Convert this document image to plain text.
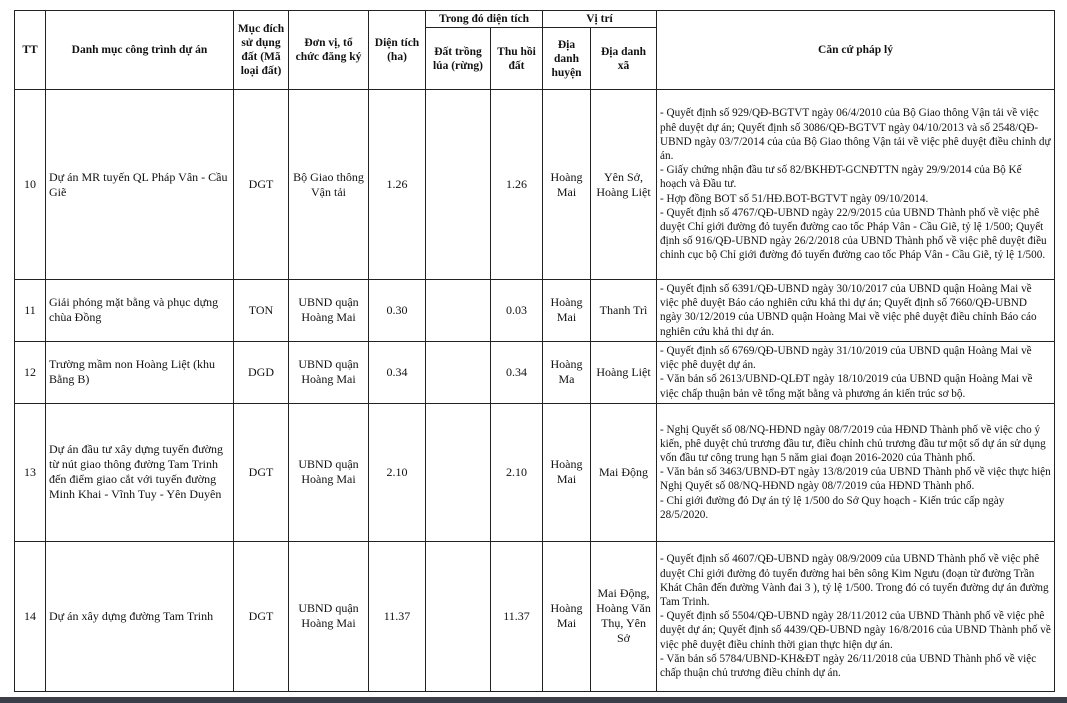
TT	Danh mục công trình dự án	Mục đích sử dụng đất (Mã loại đất)	Đơn vị, tổ chức đăng ký	Diện tích (ha)	Trong đó diện tích		Vị trí		Căn cứ pháp lý
					Đất trồng lúa (rừng)	Thu hồi đất	Địa danh huyện	Địa danh xã	
10	Dự án MR tuyến QL Pháp Vân - Cầu Giẽ	DGT	Bộ Giao thông Vận tải	1.26		1.26	Hoàng Mai	Yên Sở, Hoàng Liệt	- Quyết định số 929/QĐ-BGTVT ngày 06/4/2010 của Bộ Giao thông Vận tải về việc phê duyệt dự án; Quyết định số 3086/QĐ-BGTVT ngày 04/10/2013 và số 2548/QĐ-UBND ngày 03/7/2014 của của Bộ Giao thông Vận tải về việc phê duyệt điều chỉnh dự án.
- Giấy chứng nhận đầu tư số 82/BKHĐT-GCNĐTTN ngày 29/9/2014 của Bộ Kế hoạch và Đầu tư.
- Hợp đồng BOT số 51/HĐ.BOT-BGTVT ngày 09/10/2014.
- Quyết định số 4767/QĐ-UBND ngày 22/9/2015 của UBND Thành phố về việc phê duyệt Chỉ giới đường đỏ tuyến đường cao tốc Pháp Vân - Cầu Giẽ, tỷ lệ 1/500; Quyết định số 916/QĐ-UBND ngày 26/2/2018 của UBND Thành phố về việc phê duyệt điều chỉnh cục bộ Chỉ giới đường đỏ tuyến đường cao tốc Pháp Vân - Cầu Giẽ, tỷ lệ 1/500.

11	Giải phóng mặt bằng và phục dựng chùa Đồng	TON	UBND quận Hoàng Mai	0.30		0.03	Hoàng Mai	Thanh Trì	- Quyết định số 6391/QĐ-UBND ngày 30/10/2017 của UBND quận Hoàng Mai về việc phê duyệt Báo cáo nghiên cứu khả thi dự án; Quyết định số 7660/QĐ-UBND ngày 30/12/2019 của UBND quận Hoàng Mai về việc phê duyệt điều chỉnh Báo cáo nghiên cứu khả thi dự án.

12	Trường mầm non Hoàng Liệt (khu Bằng B)	DGD	UBND quận Hoàng Mai	0.34		0.34	Hoàng Ma	Hoàng Liệt	- Quyết định số 6769/QĐ-UBND ngày 31/10/2019 của UBND quận Hoàng Mai về việc phê duyệt dự án.
- Văn bản số 2613/UBND-QLĐT ngày 18/10/2019 của UBND quận Hoàng Mai về việc chấp thuận bản vẽ tổng mặt bằng và phương án kiến trúc sơ bộ.

13	Dự án đầu tư xây dựng tuyến đường từ nút giao thông đường Tam Trinh đến điểm giao cắt với tuyến đường Minh Khai - Vĩnh Tuy - Yên Duyên	DGT	UBND quận Hoàng Mai	2.10		2.10	Hoàng Mai	Mai Động	- Nghị Quyết số 08/NQ-HĐND ngày 08/7/2019 của HĐND Thành phố về việc cho ý kiến, phê duyệt chủ trương đầu tư, điều chỉnh chủ trương đầu tư một số dự án sử dụng vốn đầu tư công trung hạn 5 năm giai đoạn 2016-2020 của Thành phố.
- Văn bản số 3463/UBND-ĐT ngày 13/8/2019 của UBND Thành phố về việc thực hiện Nghị Quyết số 08/NQ-HĐND ngày 08/7/2019 của HĐND Thành phố.
- Chỉ giới đường đỏ Dự án tỷ lệ 1/500 do Sở Quy hoạch - Kiến trúc cấp ngày 28/5/2020.

14	Dự án xây dựng đường Tam Trinh	DGT	UBND quận Hoàng Mai	11.37		11.37	Hoàng Mai	Mai Động, Hoàng Văn Thụ, Yên Sở	- Quyết định số 4607/QĐ-UBND ngày 08/9/2009 của UBND Thành phố về việc phê duyệt Chỉ giới đường đỏ tuyến đường hai bên sông Kim Ngưu (đoạn từ đường Trần Khát Chân đến đường Vành đai 3 ), tỷ lệ 1/500. Trong đó có tuyến đường dự án đường Tam Trinh.
- Quyết định số 5504/QĐ-UBND ngày 28/11/2012 của UBND Thành phố về việc phê duyệt dự án; Quyết định số 4439/QĐ-UBND ngày 16/8/2016 của UBND Thành phố về việc phê duyệt điều chỉnh thời gian thực hiện dự án.
- Văn bản số 5784/UBND-KH&ĐT ngày 26/11/2018 của UBND Thành phố về việc chấp thuận chủ trương điều chỉnh dự án.
